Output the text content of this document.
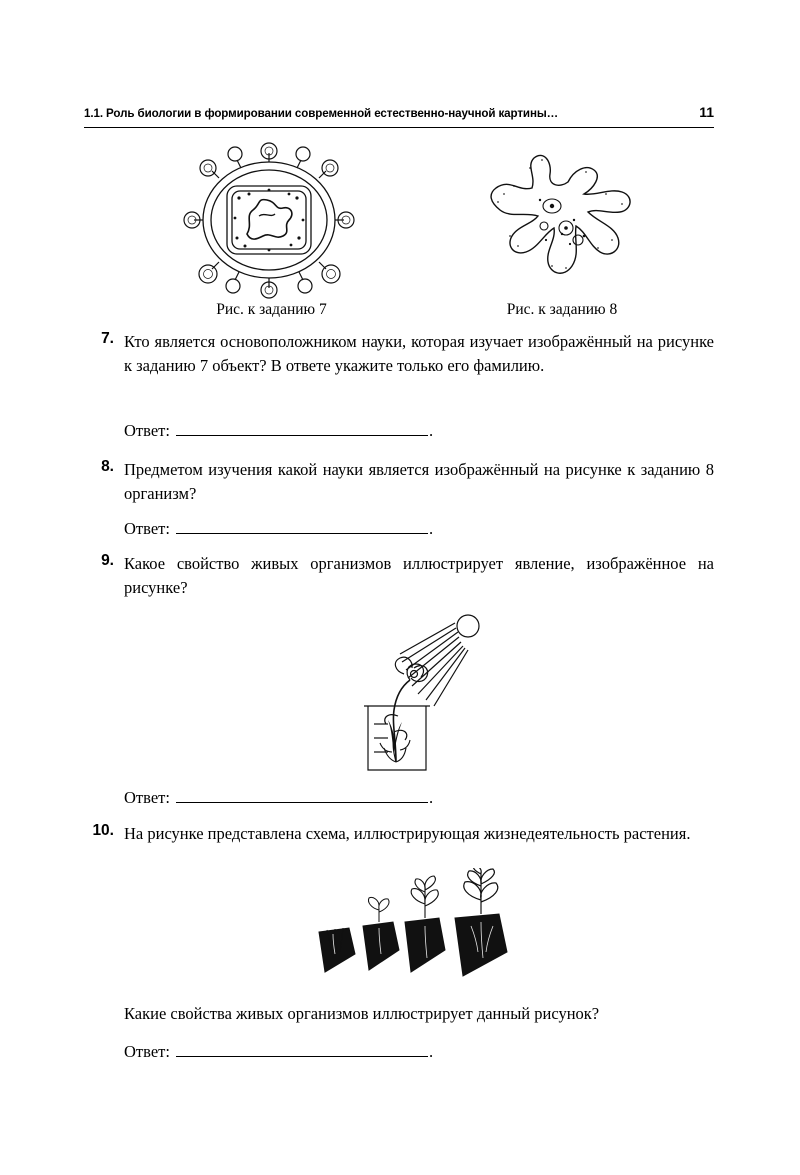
1.1. Роль биологии в формировании современной естественно-научной картины…	11
Рис. к заданию 7	Рис. к заданию 8
7. Кто является основоположником науки, которая изучает изображённый на рисунке к заданию 7 объект? В ответе укажите только его фамилию.
Ответ:	.
8. Предметом изучения какой науки является изображённый на рисунке к заданию 8 организм?
Ответ:	.
9. Какое свойство живых организмов иллюстрирует явление, изображённое на рисунке?
Ответ:	.
10. На рисунке представлена схема, иллюстрирующая жизнедеятельность растения.
Какие свойства живых организмов иллюстрирует данный рисунок?
Ответ:	.
